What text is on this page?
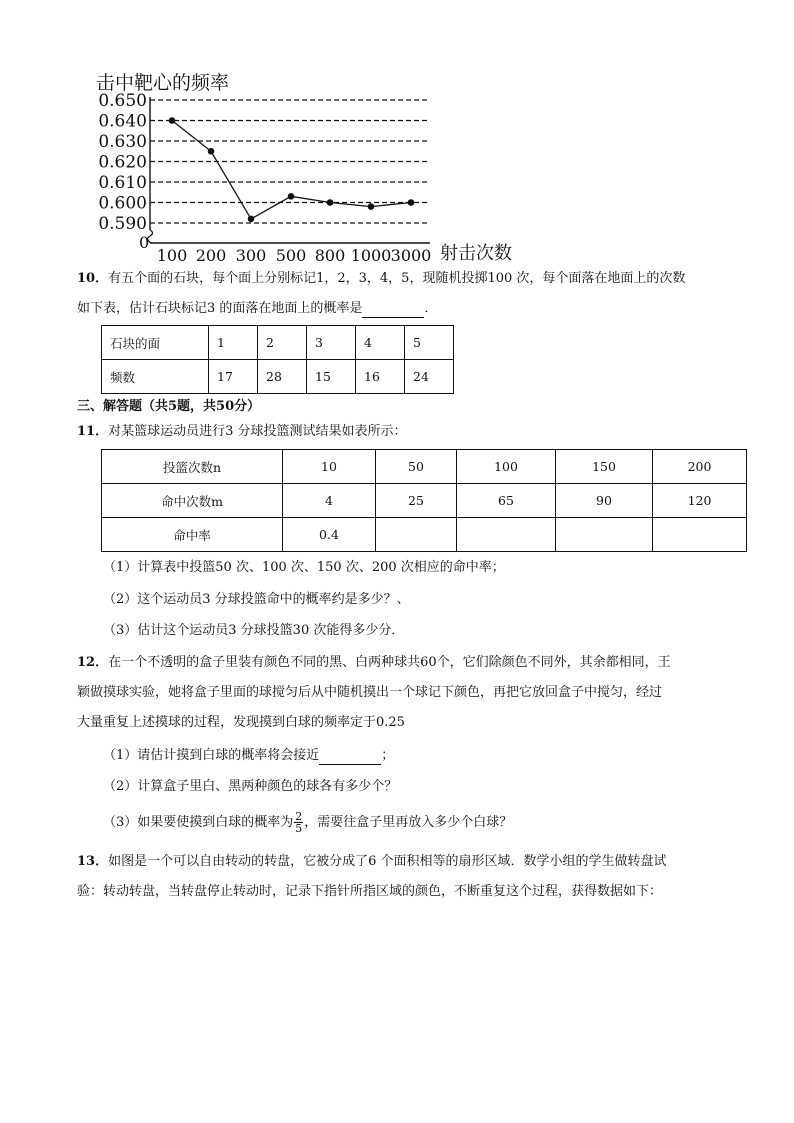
击中靶心的频率
0.650
0.640
0.630
0.620
0.610
0.600
0.590
0
100 200 300 500 800 1000 3000 射击次数
10．有五个面的石块，每个面上分别标记1，2，3，4，5，现随机投掷100 次，每个面落在地面上的次数
如下表，估计石块标记3 的面落在地面上的概率是	．
石块的面	1	2	3	4	5
频数	17	28	15	16	24
三、解答题（共5题，共50分）
11．对某篮球运动员进行3 分球投篮测试结果如表所示：
投篮次数n	10	50	100	150	200
命中次数m	4	25	65	90	120
命中率	0.4				
（1）计算表中投篮50 次、100 次、150 次、200 次相应的命中率；
（2）这个运动员3 分球投篮命中的概率约是多少？、
（3）估计这个运动员3 分球投篮30 次能得多少分．
12．在一个不透明的盒子里装有颜色不同的黑、白两种球共60个，它们除颜色不同外，其余都相同，王
颖做摸球实验，她将盒子里面的球搅匀后从中随机摸出一个球记下颜色，再把它放回盒子中搅匀，经过
大量重复上述摸球的过程，发现摸到白球的频率定于0.25
（1）请估计摸到白球的概率将会接近	；
（2）计算盒子里白、黑两种颜色的球各有多少个？
（3）如果要使摸到白球的概率为 $\frac{2}{5}$ ，需要往盒子里再放入多少个白球？
13．如图是一个可以自由转动的转盘，它被分成了6 个面积相等的扇形区域．数学小组的学生做转盘试
验：转动转盘，当转盘停止转动时，记录下指针所指区域的颜色，不断重复这个过程，获得数据如下：
